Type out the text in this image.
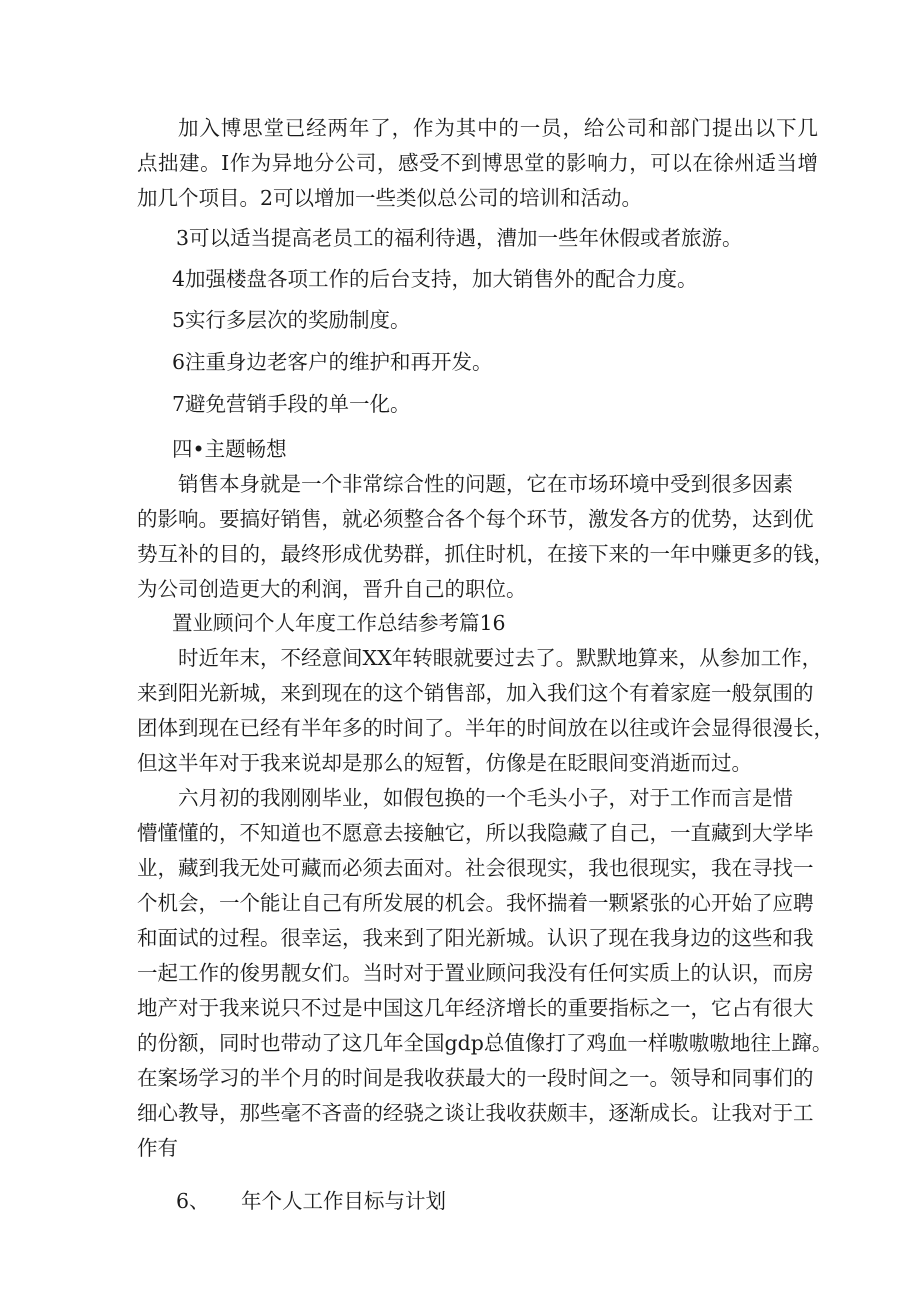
加入博思堂已经两年了，作为其中的一员，给公司和部门提出以下几

点拙建。I作为异地分公司，感受不到博思堂的影响力，可以在徐州适当增

加几个项目。2可以增加一些类似总公司的培训和活动。

3可以适当提高老员工的福利待遇，漕加一些年休假或者旅游。

4加强楼盘各项工作的后台支持，加大销售外的配合力度。

5实行多层次的奖励制度。

6注重身边老客户的维护和再开发。

7避免营销手段的单一化。

四•主题畅想

销售本身就是一个非常综合性的问题，它在市场环境中受到很多因素

的影响。要搞好销售，就必须整合各个每个环节，激发各方的优势，达到优

势互补的目的，最终形成优势群，抓住时机，在接下来的一年中赚更多的钱，

为公司创造更大的利润，晋升自己的职位。

置业顾问个人年度工作总结参考篇16

时近年末，不经意间XX年转眼就要过去了。默默地算来，从参加工作，

来到阳光新城，来到现在的这个销售部，加入我们这个有着家庭一般氛围的

团体到现在已经有半年多的时间了。半年的时间放在以往或许会显得很漫长，

但这半年对于我来说却是那么的短暂，仿像是在眨眼间变消逝而过。

六月初的我刚刚毕业，如假包换的一个毛头小子，对于工作而言是惜

懵懂懂的，不知道也不愿意去接触它，所以我隐藏了自己，一直藏到大学毕

业，藏到我无处可藏而必须去面对。社会很现实，我也很现实，我在寻找一

个机会，一个能让自己有所发展的机会。我怀揣着一颗紧张的心开始了应聘

和面试的过程。很幸运，我来到了阳光新城。认识了现在我身边的这些和我

一起工作的俊男靓女们。当时对于置业顾问我没有任何实质上的认识，而房

地产对于我来说只不过是中国这几年经济增长的重要指标之一，它占有很大

的份额，同时也带动了这几年全国gdp总值像打了鸡血一样嗷嗷嗷地往上蹿。

在案场学习的半个月的时间是我收获最大的一段时间之一。领导和同事们的

细心教导，那些毫不吝啬的经骁之谈让我收获颇丰，逐渐成长。让我对于工

作有

6、 年个人工作目标与计划
